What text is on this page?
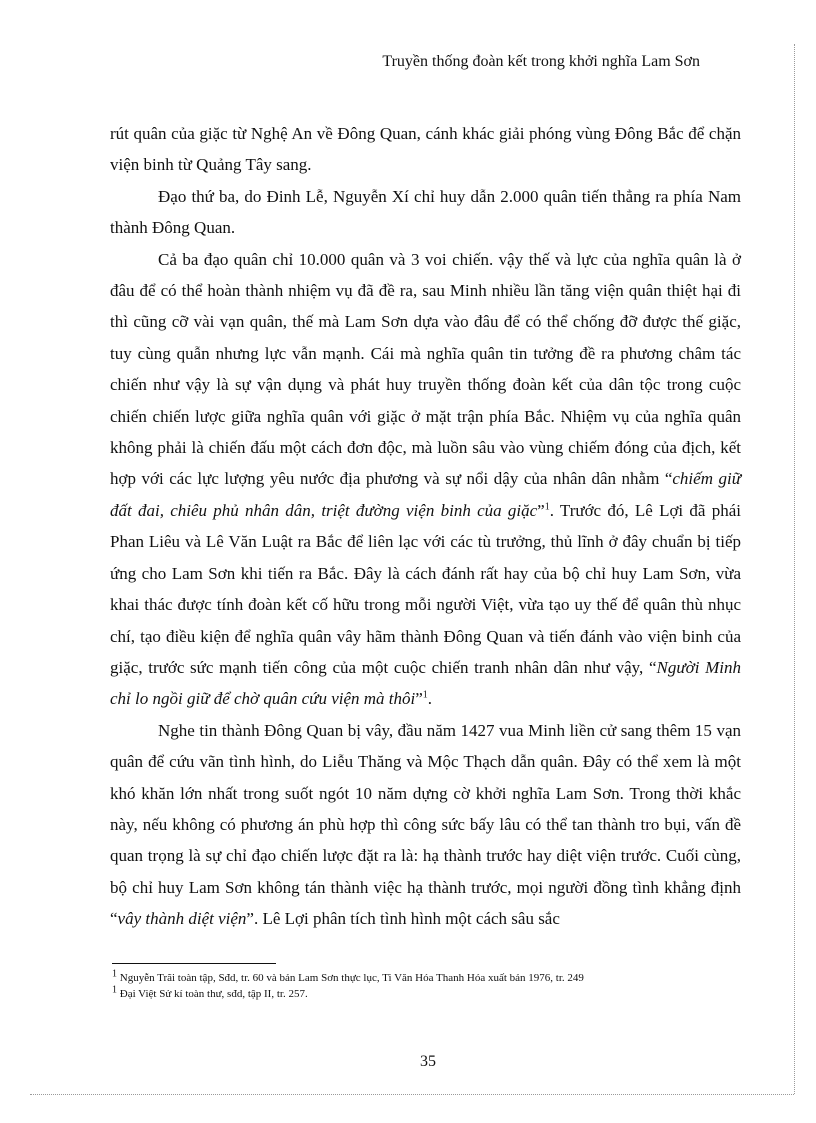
Truyền thống đoàn kết trong khởi nghĩa Lam Sơn

rút quân của giặc từ Nghệ An về Đông Quan, cánh khác giải phóng vùng Đông Bắc để chặn viện binh từ Quảng Tây sang.

Đạo thứ ba, do Đinh Lễ, Nguyễn Xí chỉ huy dẫn 2.000 quân tiến thẳng ra phía Nam thành Đông Quan.

Cả ba đạo quân chỉ 10.000 quân và 3 voi chiến. vậy thế và lực của nghĩa quân là ở đâu để có thể hoàn thành nhiệm vụ đã đề ra, sau Minh nhiều lần tăng viện quân thiệt hại đi thì cũng cỡ vài vạn quân, thế mà Lam Sơn dựa vào đâu để có thể chống đỡ được thế giặc, tuy cùng quẫn nhưng lực vẫn mạnh. Cái mà nghĩa quân tin tưởng đề ra phương châm tác chiến như vậy là sự vận dụng và phát huy truyền thống đoàn kết của dân tộc trong cuộc chiến chiến lược giữa nghĩa quân với giặc ở mặt trận phía Bắc. Nhiệm vụ của nghĩa quân không phải là chiến đấu một cách đơn độc, mà luồn sâu vào vùng chiếm đóng của địch, kết hợp với các lực lượng yêu nước địa phương và sự nổi dậy của nhân dân nhằm “chiếm giữ đất đai, chiêu phủ nhân dân, triệt đường viện binh của giặc”$^1$. Trước đó, Lê Lợi đã phái Phan Liêu và Lê Văn Luật ra Bắc để liên lạc với các tù trưởng, thủ lĩnh ở đây chuẩn bị tiếp ứng cho Lam Sơn khi tiến ra Bắc. Đây là cách đánh rất hay của bộ chỉ huy Lam Sơn, vừa khai thác được tính đoàn kết cố hữu trong mỗi người Việt, vừa tạo uy thế để quân thù nhục chí, tạo điều kiện để nghĩa quân vây hãm thành Đông Quan và tiến đánh vào viện binh của giặc, trước sức mạnh tiến công của một cuộc chiến tranh nhân dân như vậy, “Người Minh chỉ lo ngồi giữ để chờ quân cứu viện mà thôi”$^1$.

Nghe tin thành Đông Quan bị vây, đầu năm 1427 vua Minh liền cử sang thêm 15 vạn quân để cứu vãn tình hình, do Liễu Thăng và Mộc Thạch dẫn quân. Đây có thể xem là một khó khăn lớn nhất trong suốt ngót 10 năm dựng cờ khởi nghĩa Lam Sơn. Trong thời khắc này, nếu không có phương án phù hợp thì công sức bấy lâu có thể tan thành tro bụi, vấn đề quan trọng là sự chỉ đạo chiến lược đặt ra là: hạ thành trước hay diệt viện trước. Cuối cùng, bộ chỉ huy Lam Sơn không tán thành việc hạ thành trước, mọi người đồng tình khẳng định “vây thành diệt viện”. Lê Lợi phân tích tình hình một cách sâu sắc

$^1$ Nguyễn Trãi toàn tập, Sđd, tr. 60 và bản Lam Sơn thực lục, Ti Văn Hóa Thanh Hóa xuất bản 1976, tr. 249
$^1$ Đại Việt Sử kí toàn thư, sđd, tập II, tr. 257.
35
